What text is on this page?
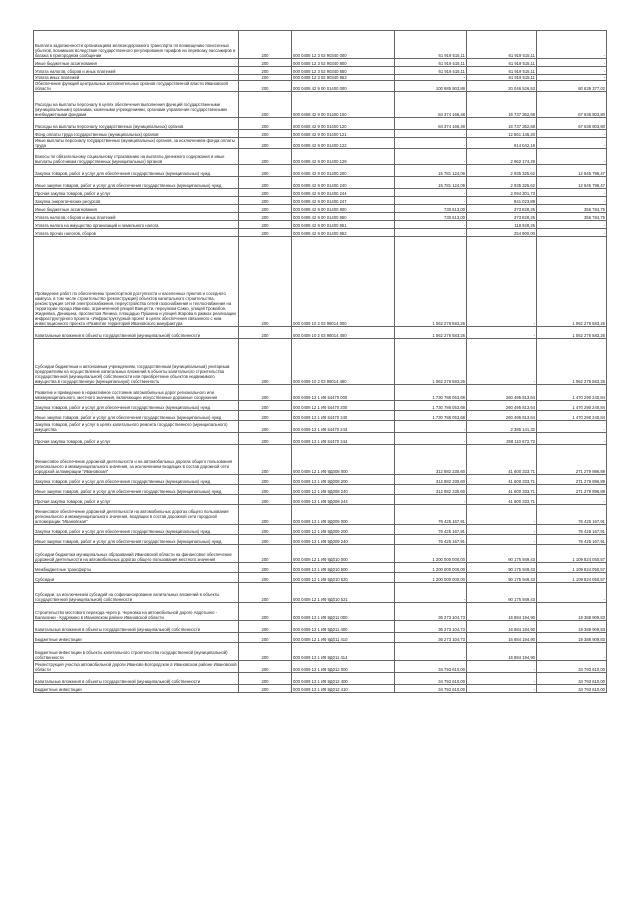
Выплата задолженности организациям железнодорожного транспорта по возмещению понесенных убытков, возникших вследствие государственного регулирования тарифов на перевозку пассажиров и багажа в пригородном сообщении	200	000 0408 12 3 02 90340 000	61 919 515,11	61 919 515,11	-
Иные бюджетные ассигнования	200	000 0408 12 3 02 90340 800	61 919 515,11	61 919 515,11	-
Уплата налогов, сборов и иных платежей	200	000 0408 12 3 02 90340 850	61 919 515,11	61 919 515,11	-
Уплата иных платежей	200	000 0408 12 3 02 90340 853	-	61 919 515,11	-
Обеспечение функций центральных исполнительных органов государственной власти Ивановской области	200	000 0408 42 9 00 01400 000	100 685 903,88	20 046 526,53	80 639 377,02
Расходы на выплаты персоналу в целях обеспечения выполнения функций государственными (муниципальными) органами, казенными учреждениями, органами управления государственными внебюджетными фондами	200	000 0408 42 9 00 01400 100	84 374 166,48	16 737 362,68	67 636 803,80
Расходы на выплаты персоналу государственных (муниципальных) органов	200	000 0408 42 9 00 01400 120	84 374 166,48	16 737 362,68	67 636 803,80
Фонд оплаты труда государственных (муниципальных) органов	200	000 0408 42 9 00 01400 121	-	12 861 146,20	-
Иные выплаты персоналу государственных (муниципальных) органов, за исключением фонда оплаты труда	200	000 0408 42 9 00 01400 122	-	914 042,18	-
Взносы по обязательному социальному страхованию на выплаты денежного содержания и иные выплаты работникам государственных (муниципальных) органов	200	000 0408 42 9 00 01400 129	-	2 962 174,29	-
Закупка товаров, работ и услуг для обеспечения государственных (муниципальных) нужд	200	000 0408 42 9 00 01400 200	15 781 124,09	2 935 325,62	12 845 798,47
Иные закупки товаров, работ и услуг для обеспечения государственных (муниципальных) нужд	200	000 0408 42 9 00 01400 240	15 781 124,09	2 935 325,62	12 845 798,47
Прочая закупка товаров, работ и услуг	200	000 0408 42 9 00 01400 244	-	2 094 301,73	-
Закупка энергетических ресурсов	200	000 0408 42 9 00 01400 247	-	841 023,89	-
Иные бюджетные ассигнования	200	000 0408 42 9 00 01400 800	730 613,00	373 828,25	356 784,75
Уплата налогов, сборов и иных платежей	200	000 0408 42 9 00 01400 850	730 613,00	373 828,25	356 784,75
Уплата налога на имущество организаций и земельного налога	200	000 0408 42 9 00 01400 851	-	118 928,25	-
Уплата прочих налогов, сборов	200	000 0408 42 9 00 01400 852	-	254 900,00	-
Проведение работ по обеспечению транспортной доступности и населенных пунктов и соседнего кампуса, в том числе строительство (реконструкция) объектов капитального строительства, реконструкция сетей электроснабжения, переустройства сетей газоснабжения и теплоснабжения на территории города Иваново, ограниченной улицей Ванцетти, переулком Сакко, улицей Громобоя, Жидеевка, Деницина, проспектом Ленина, площадью Пушкина и улицей Жарова в рамках реализации инфраструктурного проекта «Инфраструктурный проект в целях обеспечения связанного с ним инвестиционного проекта «Развитие территорий Ивановского мануфактура	200	000 0409 10 2 03 98014 000	1 062 276 583,26	-	1 062 276 583,26
Капитальные вложения в объекты государственной (муниципальной) собственности	200	000 0409 10 2 03 98014 400	1 062 276 583,26	-	1 062 276 583,26
Субсидии бюджетным и автономным учреждениям, государственным (муниципальным) унитарным предприятиям на осуществление капитальных вложений в объекты капитального строительства государственной (муниципальной) собственности или приобретение объектов недвижимого имущества в государственную (муниципальную) собственность	200	000 0409 10 2 03 98014 460	1 062 276 583,26	-	1 062 276 583,26
Развитие и приведение в нормативное состояние автомобильных дорог регионального или межмуниципального, местного значения, включающее искусственные дорожные сооружения	200	000 0409 12 1 И8 54470 000	1 730 786 053,68	260 495 813,64	1 470 290 240,84
Закупка товаров, работ и услуг для обеспечения государственных (муниципальных) нужд	200	000 0409 12 1 И8 54470 200	1 730 786 053,68	260 495 813,64	1 470 290 240,84
Иные закупки товаров, работ и услуг для обеспечения государственных (муниципальных) нужд	200	000 0409 12 1 И8 54470 240	1 730 786 053,68	260 495 813,64	1 470 290 240,84
Закупка товаров, работ и услуг в целях капитального ремонта государственного (муниципального) имущества	200	000 0409 12 1 И8 54470 243	-	2 385 141,32	-
Прочая закупка товаров, работ и услуг	200	000 0409 12 1 И8 54470 244	-	258 110 672,72	-
Финансовое обеспечение дорожной деятельности и на автомобильных дорогах общего пользования регионального и межмуниципального значения, за исключением входящих в состав дорожной сети городской агломерации "Ивановская"	200	000 0409 12 1 И8 9Д008 000	312 882 230,60	41 600 333,71	271 279 896,89
Закупка товаров, работ и услуг для обеспечения государственных (муниципальных) нужд	200	000 0409 12 1 И8 9Д008 200	312 882 230,60	41 600 333,71	271 279 896,89
Иные закупки товаров, работ и услуг для обеспечения государственных (муниципальных) нужд	200	000 0409 12 1 И8 9Д008 240	312 882 230,60	41 600 333,71	271 279 896,89
Прочая закупка товаров, работ и услуг	200	000 0409 12 1 И8 9Д008 244	-	41 600 333,71	-
Финансовое обеспечение дорожной деятельности на автомобильных дорогах общего пользования регионального и межмуниципального значения, входящих в состав дорожной сети городской агломерации "Ивановская"	200	000 0409 12 1 И8 9Д009 000	76 425 167,91	-	76 425 167,91
Закупка товаров, работ и услуг для обеспечения государственных (муниципальных) нужд	200	000 0409 12 1 И8 9Д009 200	76 425 167,91	-	76 425 167,91
Иные закупки товаров, работ и услуг для обеспечения государственных (муниципальных) нужд	200	000 0409 12 1 И8 9Д009 240	76 425 167,91	-	76 425 167,91
Субсидии бюджетам муниципальных образований Ивановской области на финансовое обеспечение дорожной деятельности на автомобильных дорогах общего пользования местного значения	200	000 0409 12 1 И8 9Д010 000	1 200 000 000,00	90 175 949,43	1 109 824 050,57
Межбюджетные трансферты	200	000 0409 12 1 И8 9Д010 500	1 200 000 000,00	90 175 949,43	1 109 824 050,57
Субсидии	200	000 0409 12 1 И8 9Д010 520	1 200 000 000,00	90 175 949,43	1 109 824 050,57
Субсидии, за исключением субсидий на софинансирование капитальных вложений в объекты государственной (муниципальной) собственности	200	000 0409 12 1 И8 9Д010 521	-	90 175 949,43	-
Строительство мостового перехода через р. Черновка на автомобильной дороге Авдотьино - Балахонки - Кудрякино в Ивановском районе Ивановской области	200	000 0409 12 1 И8 9Д011 000	36 273 104,73	16 884 194,90	19 388 909,83
Капитальные вложения в объекты государственной (муниципальной) собственности	200	000 0409 12 1 И8 9Д011 400	36 273 104,73	16 884 194,90	19 388 909,83
Бюджетные инвестиции	200	000 0409 12 1 И8 9Д011 410	36 273 104,73	16 884 194,90	19 388 909,83
Бюджетные инвестиции в объекты капитального строительства государственной (муниципальной) собственности	200	000 0409 12 1 И8 9Д011 414	-	16 884 194,90	-
Реконструкция участка автомобильной дороги Иваново-Богородское в Ивановском районе Ивановской области	200	000 0409 12 1 И8 9Д012 000	34 793 610,00	-	34 793 610,00
Капитальные вложения в объекты государственной (муниципальной) собственности	200	000 0409 12 1 И8 9Д012 400	34 793 610,00	-	34 793 610,00
Бюджетные инвестиции	200	000 0409 12 1 И8 9Д012 410	34 793 610,00	-	34 793 610,00
